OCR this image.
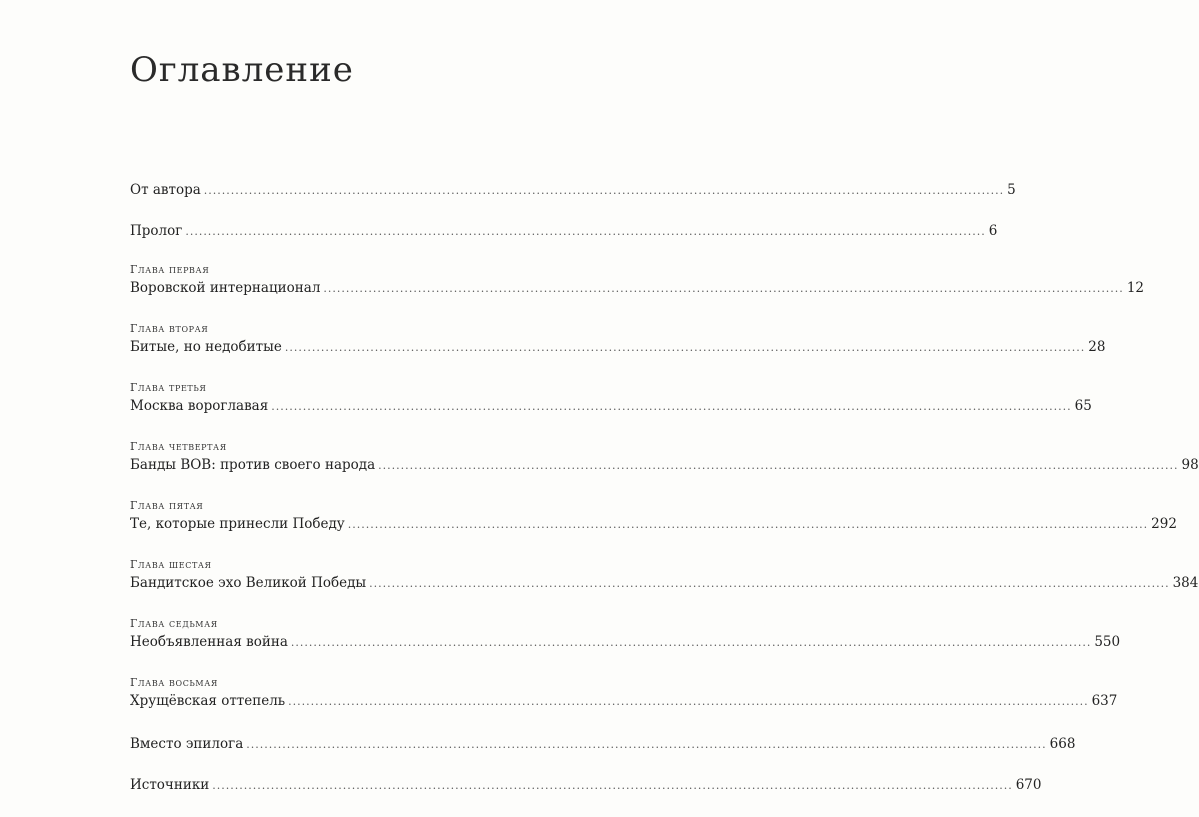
Оглавление
От автора .................................................................................................................................................................................. 5
Пролог .................................................................................................................................................................................. 6
Глава первая
Воровской интернационал .................................................................................................................................................................................. 12
Глава вторая
Битые, но недобитые .................................................................................................................................................................................. 28
Глава третья
Москва вороглавая .................................................................................................................................................................................. 65
Глава четвертая
Банды ВОВ: против своего народа .................................................................................................................................................................................. 98
Глава пятая
Те, которые принесли Победу .................................................................................................................................................................................. 292
Глава шестая
Бандитское эхо Великой Победы .................................................................................................................................................................................. 384
Глава седьмая
Необъявленная война .................................................................................................................................................................................. 550
Глава восьмая
Хрущёвская оттепель .................................................................................................................................................................................. 637
Вместо эпилога .................................................................................................................................................................................. 668
Источники .................................................................................................................................................................................. 670
